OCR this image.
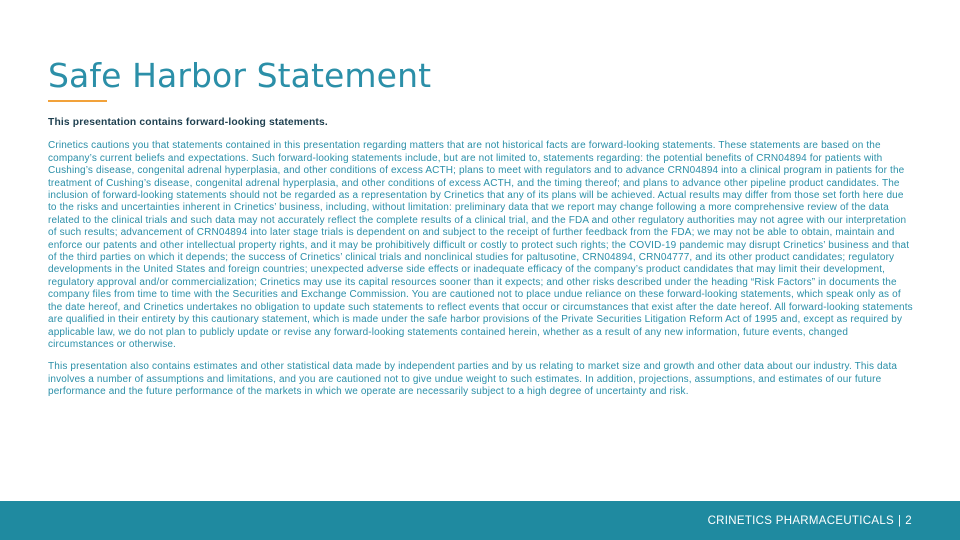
Safe Harbor Statement

This presentation contains forward-looking statements.

Crinetics cautions you that statements contained in this presentation regarding matters that are not historical facts are forward-looking statements. These statements are based on the company’s current beliefs and expectations. Such forward-looking statements include, but are not limited to, statements regarding: the potential benefits of CRN04894 for patients with Cushing’s disease, congenital adrenal hyperplasia, and other conditions of excess ACTH; plans to meet with regulators and to advance CRN04894 into a clinical program in patients for the treatment of Cushing’s disease, congenital adrenal hyperplasia, and other conditions of excess ACTH, and the timing thereof; and plans to advance other pipeline product candidates. The inclusion of forward-looking statements should not be regarded as a representation by Crinetics that any of its plans will be achieved. Actual results may differ from those set forth here due to the risks and uncertainties inherent in Crinetics’ business, including, without limitation: preliminary data that we report may change following a more comprehensive review of the data related to the clinical trials and such data may not accurately reflect the complete results of a clinical trial, and the FDA and other regulatory authorities may not agree with our interpretation of such results; advancement of CRN04894 into later stage trials is dependent on and subject to the receipt of further feedback from the FDA; we may not be able to obtain, maintain and enforce our patents and other intellectual property rights, and it may be prohibitively difficult or costly to protect such rights; the COVID-19 pandemic may disrupt Crinetics’ business and that of the third parties on which it depends; the success of Crinetics’ clinical trials and nonclinical studies for paltusotine, CRN04894, CRN04777, and its other product candidates; regulatory developments in the United States and foreign countries; unexpected adverse side effects or inadequate efficacy of the company’s product candidates that may limit their development, regulatory approval and/or commercialization; Crinetics may use its capital resources sooner than it expects; and other risks described under the heading “Risk Factors” in documents the company files from time to time with the Securities and Exchange Commission. You are cautioned not to place undue reliance on these forward-looking statements, which speak only as of the date hereof, and Crinetics undertakes no obligation to update such statements to reflect events that occur or circumstances that exist after the date hereof. All forward-looking statements are qualified in their entirety by this cautionary statement, which is made under the safe harbor provisions of the Private Securities Litigation Reform Act of 1995 and, except as required by applicable law, we do not plan to publicly update or revise any forward-looking statements contained herein, whether as a result of any new information, future events, changed circumstances or otherwise.

This presentation also contains estimates and other statistical data made by independent parties and by us relating to market size and growth and other data about our industry. This data involves a number of assumptions and limitations, and you are cautioned not to give undue weight to such estimates. In addition, projections, assumptions, and estimates of our future performance and the future performance of the markets in which we operate are necessarily subject to a high degree of uncertainty and risk.

CRINETICS PHARMACEUTICALS | 2
